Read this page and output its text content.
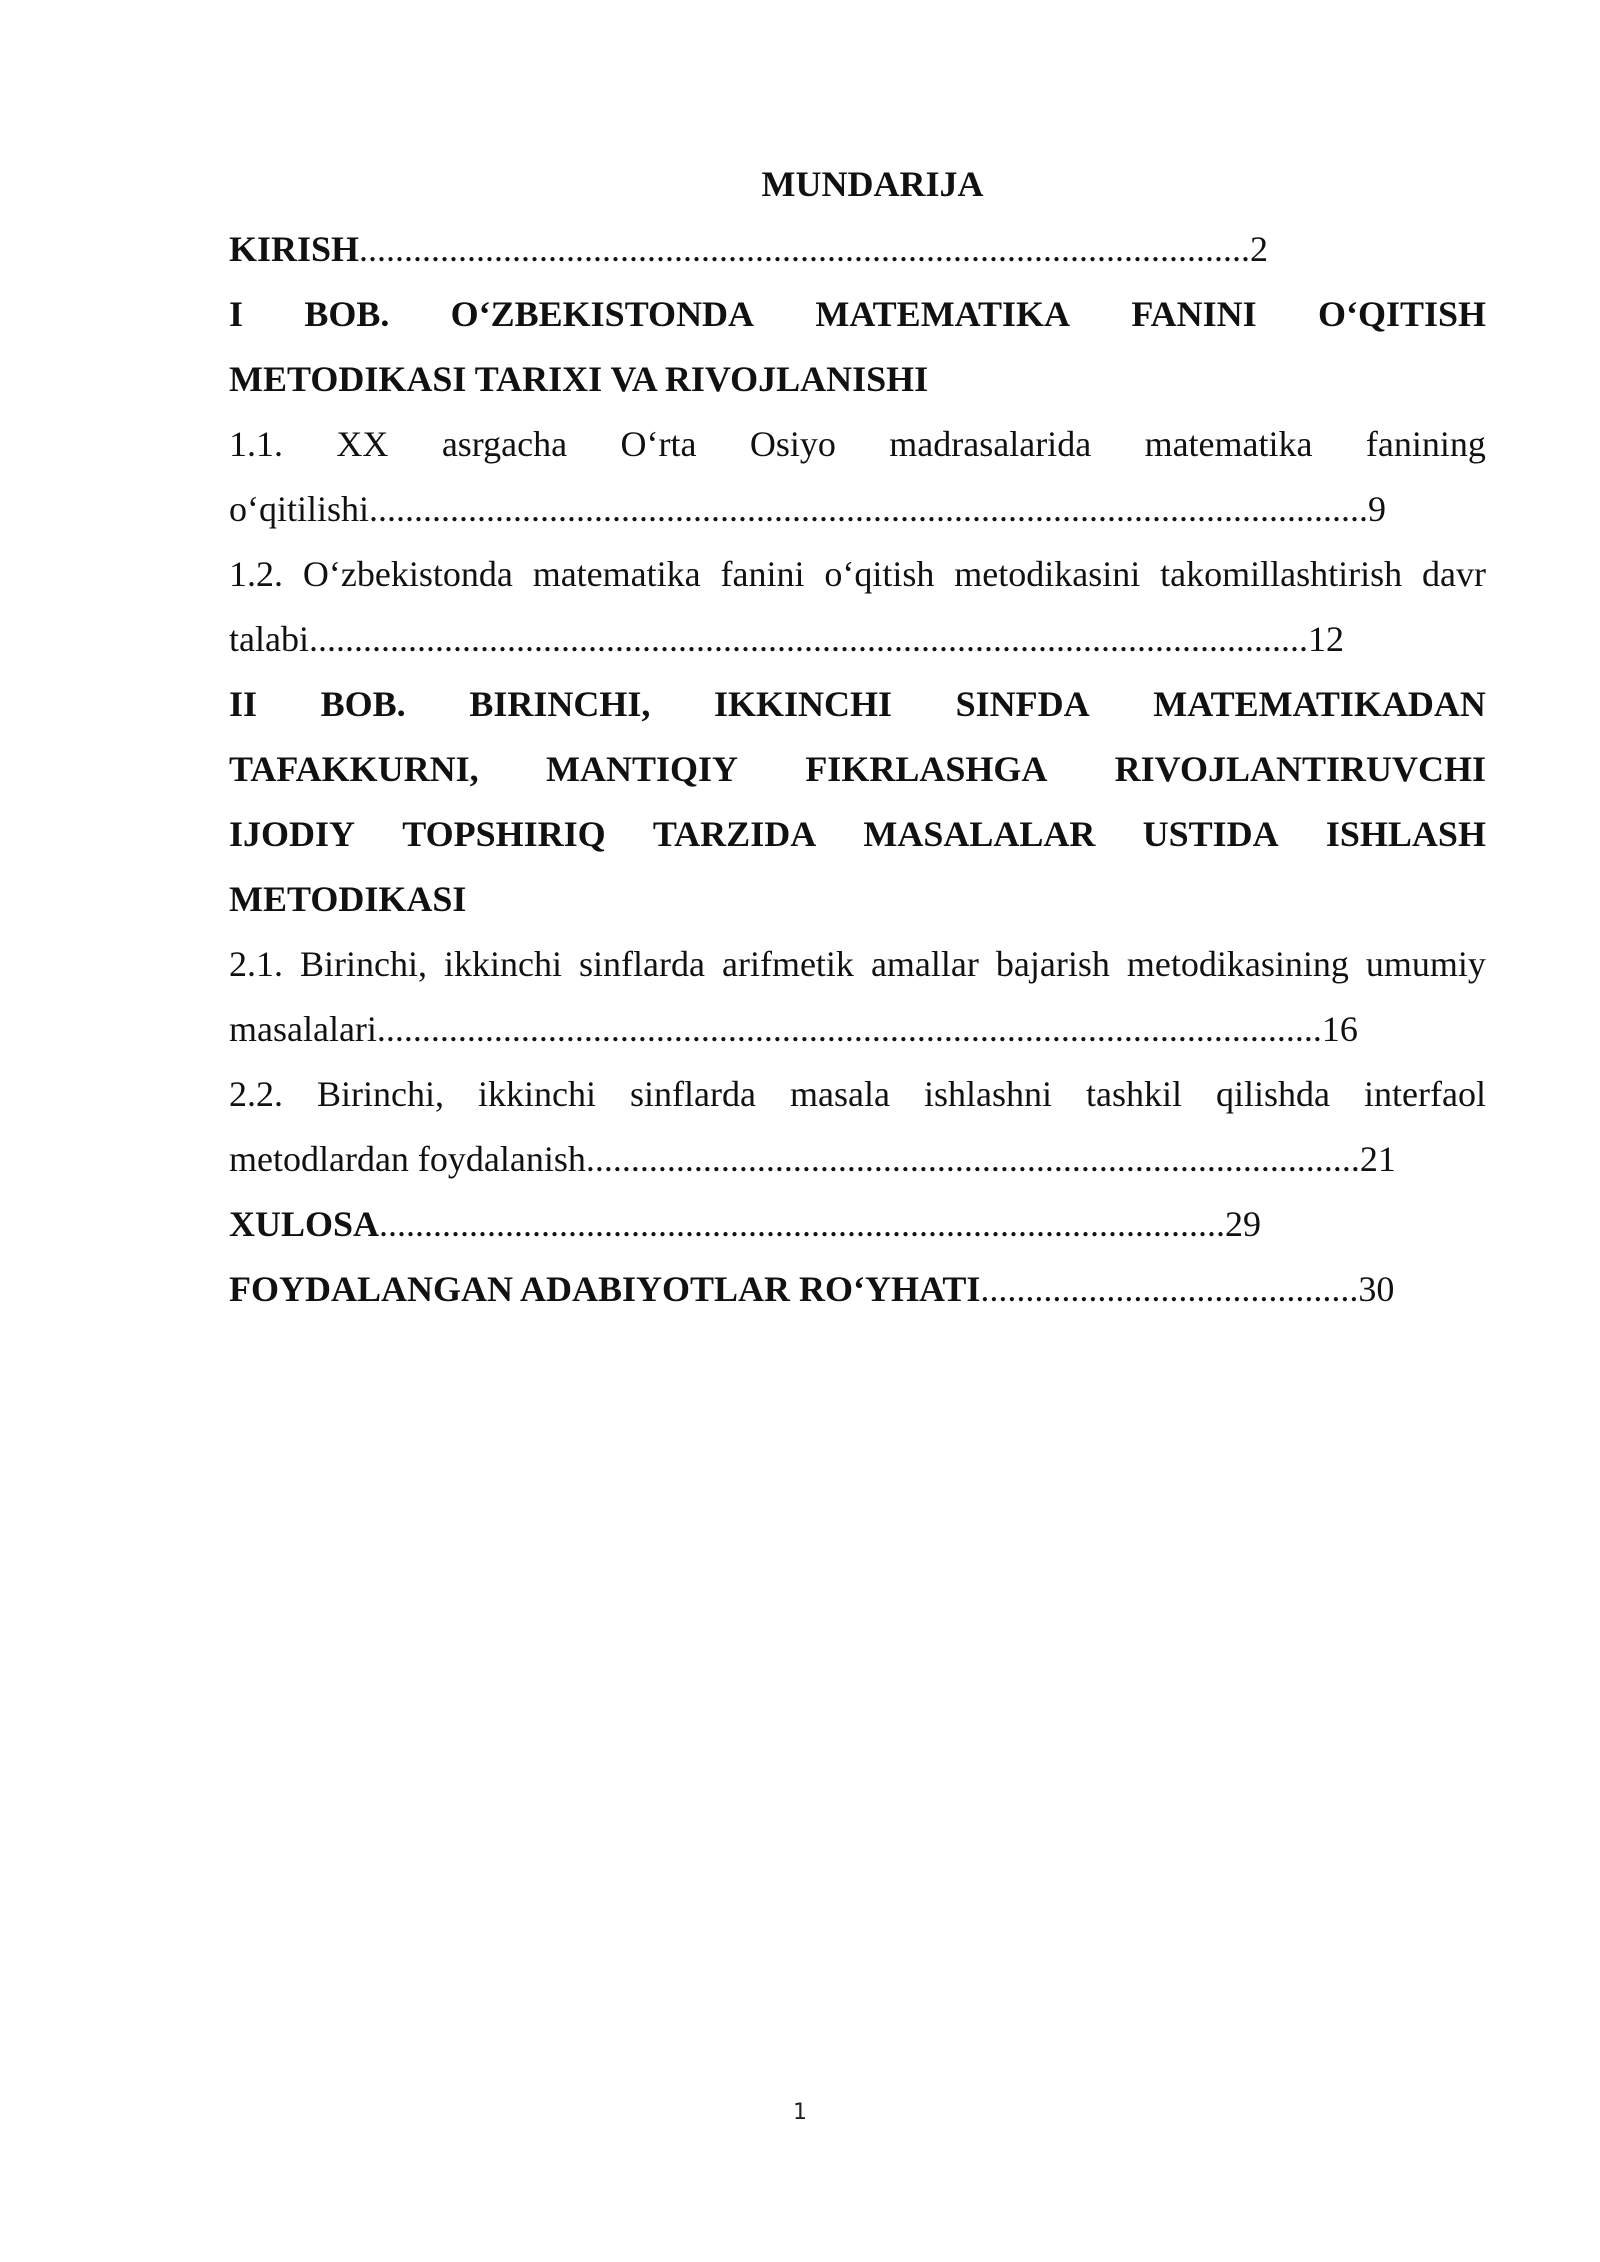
MUNDARIJA
KIRISH...................................................................................................2
I BOB. O‘ZBEKISTONDA MATEMATIKA FANINI O‘QITISH
METODIKASI TARIXI VA RIVOJLANISHI
1.1. XX asrgacha O‘rta Osiyo madrasalarida matematika fanining
o‘qitilishi...............................................................................................................9
1.2. O‘zbekistonda matematika fanini o‘qitish metodikasini takomillashtirish davr
talabi...............................................................................................................12
II BOB. BIRINCHI, IKKINCHI SINFDA MATEMATIKADAN
TAFAKKURNI, MANTIQIY FIKRLASHGA RIVOJLANTIRUVCHI
IJODIY TOPSHIRIQ TARZIDA MASALALAR USTIDA ISHLASH
METODIKASI
2.1. Birinchi, ikkinchi sinflarda arifmetik amallar bajarish metodikasining umumiy
masalalari.........................................................................................................16
2.2. Birinchi, ikkinchi sinflarda masala ishlashni tashkil qilishda interfaol
metodlardan foydalanish......................................................................................21
XULOSA..............................................................................................29
FOYDALANGAN ADABIYOTLAR RO‘YHATI..........................................30
1
